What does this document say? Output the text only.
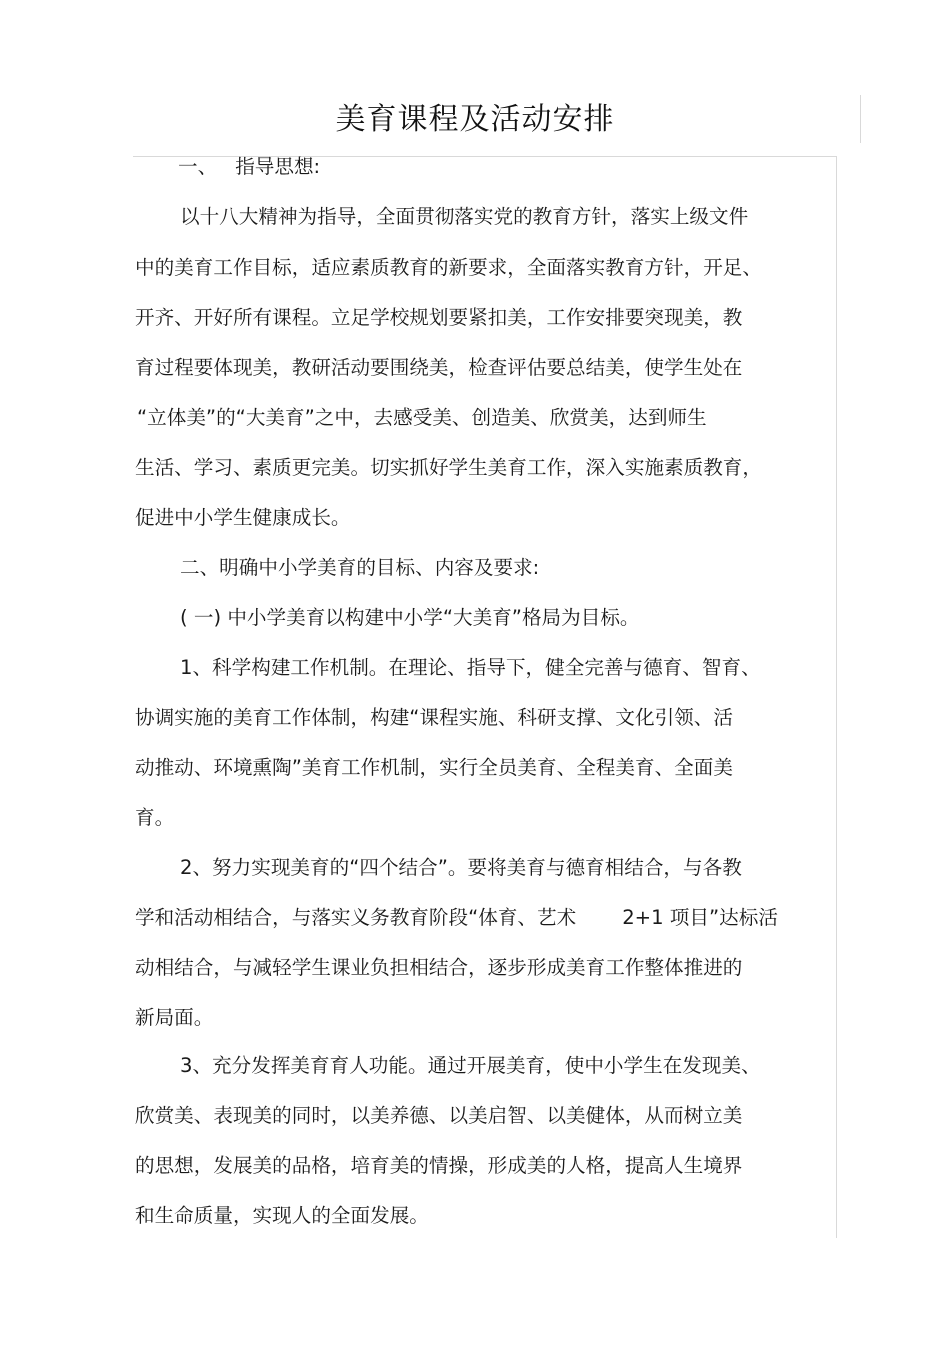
美育课程及活动安排
一、 指导思想:
以十八大精神为指导，全面贯彻落实党的教育方针，落实上级文件
中的美育工作目标，适应素质教育的新要求，全面落实教育方针，开足、
开齐、开好所有课程。立足学校规划要紧扣美，工作安排要突现美，教
育过程要体现美，教研活动要围绕美，检查评估要总结美，使学生处在
“立体美”的“大美育”之中，去感受美、创造美、欣赏美，达到师生
生活、学习、素质更完美。切实抓好学生美育工作，深入实施素质教育，
促进中小学生健康成长。
二、明确中小学美育的目标、内容及要求:
( 一) 中小学美育以构建中小学“大美育”格局为目标。
1、科学构建工作机制。在理论、指导下，健全完善与德育、智育、
协调实施的美育工作体制，构建“课程实施、科研支撑、文化引领、活
动推动、环境熏陶”美育工作机制，实行全员美育、全程美育、全面美
育。
2、努力实现美育的“四个结合”。要将美育与德育相结合，与各教
学和活动相结合，与落实义务教育阶段“体育、艺术 2+1 项目”达标活
动相结合，与减轻学生课业负担相结合，逐步形成美育工作整体推进的
新局面。
3、充分发挥美育育人功能。通过开展美育，使中小学生在发现美、
欣赏美、表现美的同时，以美养德、以美启智、以美健体，从而树立美
的思想，发展美的品格，培育美的情操，形成美的人格，提高人生境界
和生命质量，实现人的全面发展。
